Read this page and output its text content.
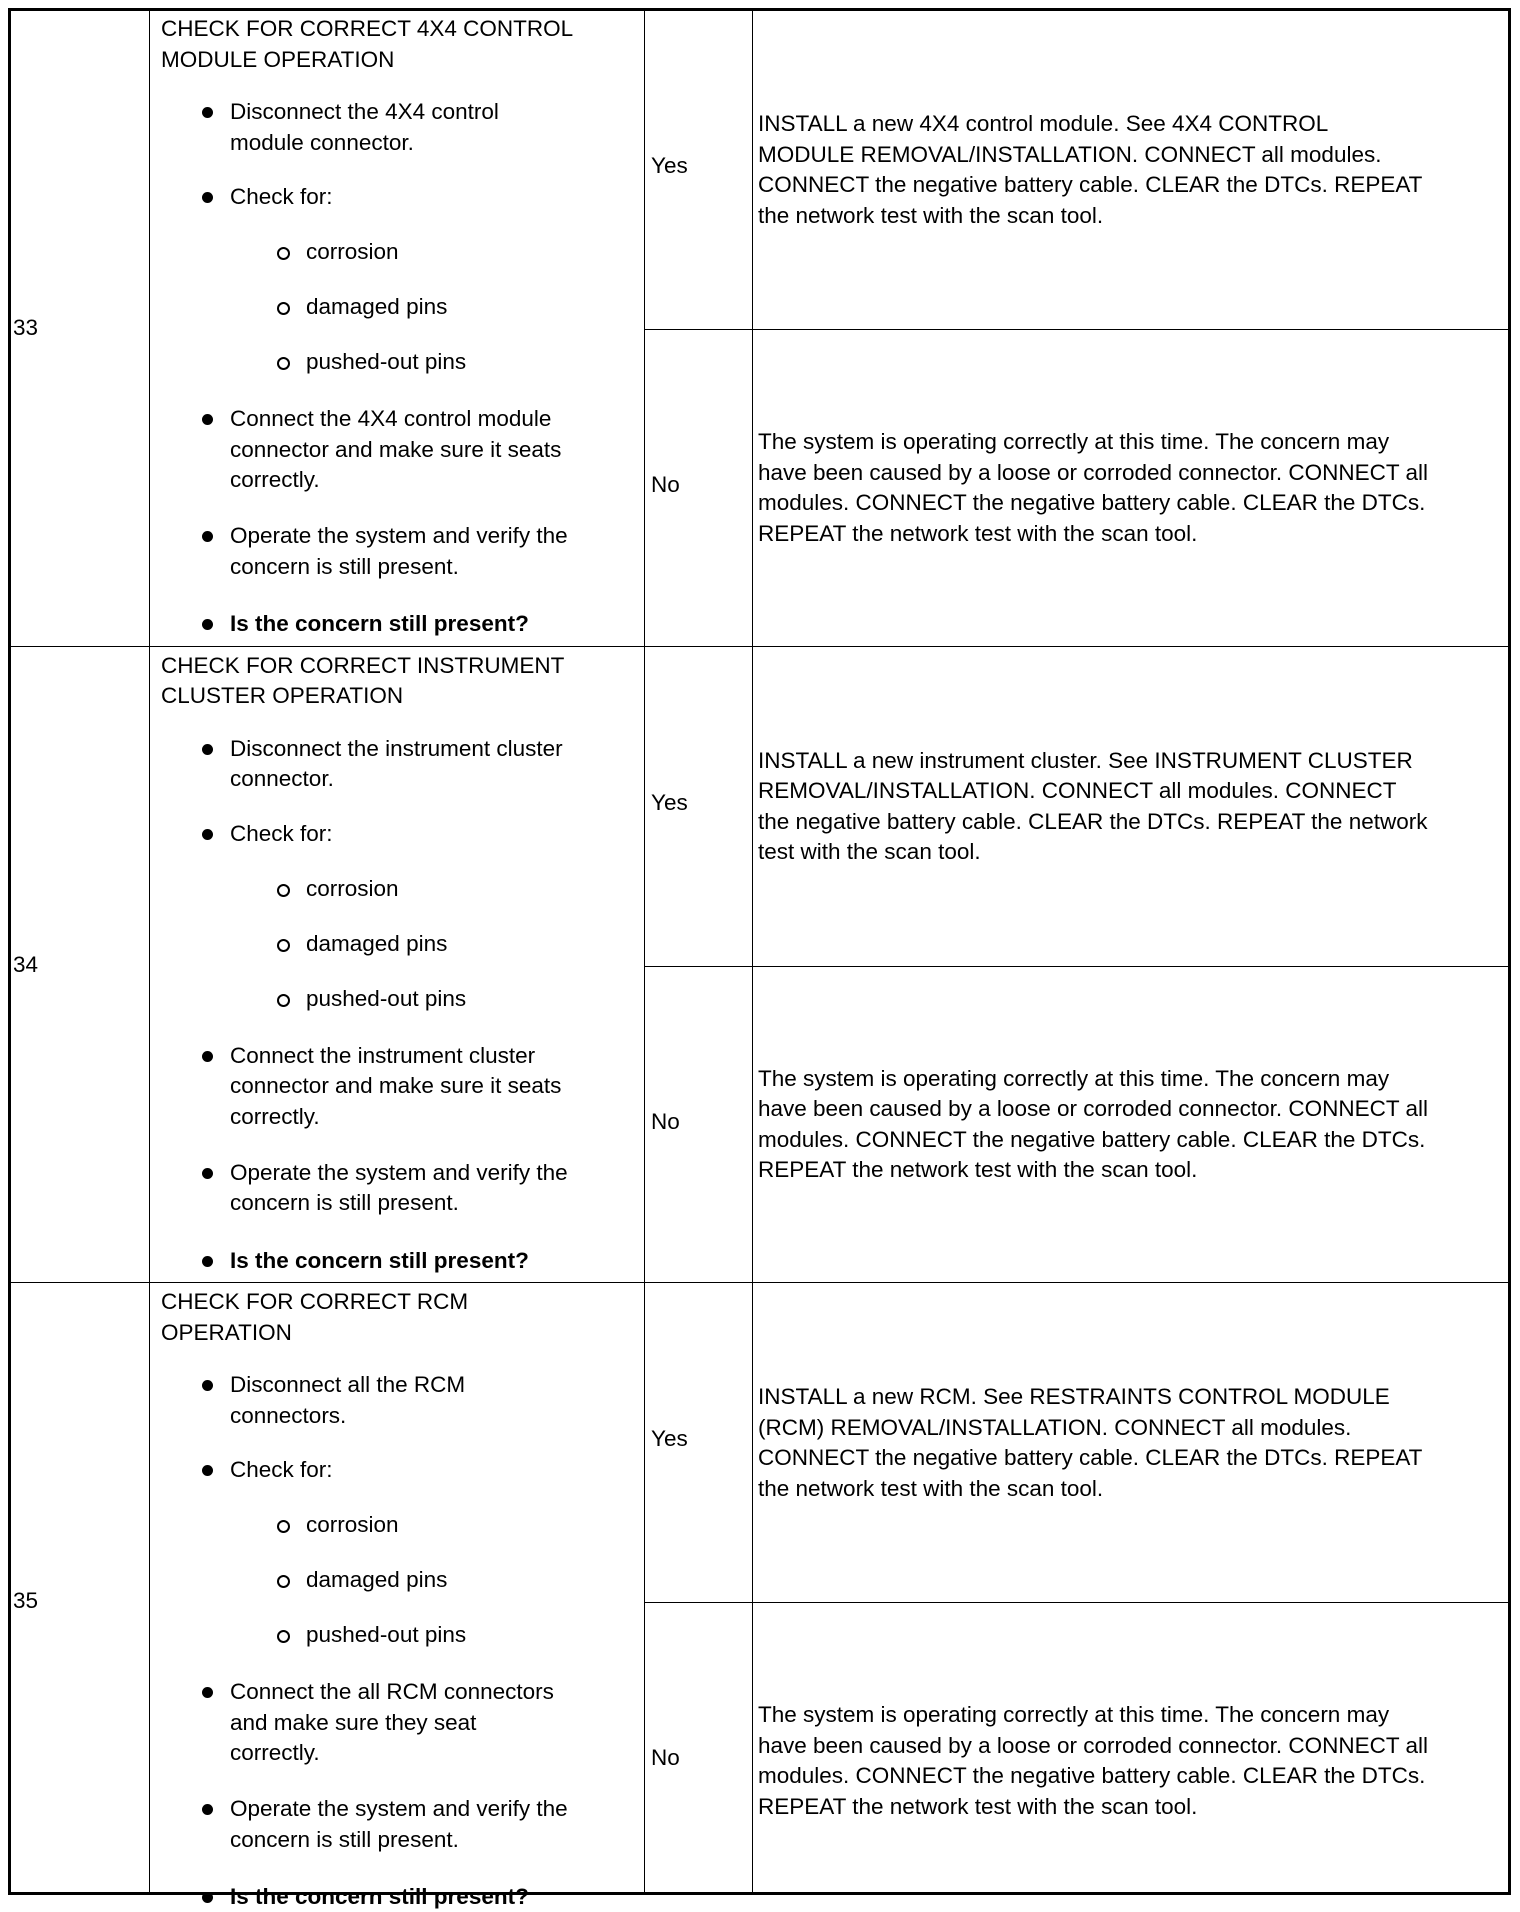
33
CHECK FOR CORRECT 4X4 CONTROL
MODULE OPERATION
Disconnect the 4X4 control
module connector.
Check for:
Connect the 4X4 control module
connector and make sure it seats
correctly.
Operate the system and verify the
concern is still present.
corrosion
damaged pins
pushed-out pins
Is the concern still present?
Yes
INSTALL a new 4X4 control module. See 4X4 CONTROL
MODULE REMOVAL/INSTALLATION. CONNECT all modules.
CONNECT the negative battery cable. CLEAR the DTCs. REPEAT
the network test with the scan tool.
No
The system is operating correctly at this time. The concern may
have been caused by a loose or corroded connector. CONNECT all
modules. CONNECT the negative battery cable. CLEAR the DTCs.
REPEAT the network test with the scan tool.
34
CHECK FOR CORRECT INSTRUMENT
CLUSTER OPERATION
Disconnect the instrument cluster
connector.
Check for:
Connect the instrument cluster
connector and make sure it seats
correctly.
Operate the system and verify the
concern is still present.
corrosion
damaged pins
pushed-out pins
Is the concern still present?
Yes
INSTALL a new instrument cluster. See INSTRUMENT CLUSTER
REMOVAL/INSTALLATION. CONNECT all modules. CONNECT
the negative battery cable. CLEAR the DTCs. REPEAT the network
test with the scan tool.
No
The system is operating correctly at this time. The concern may
have been caused by a loose or corroded connector. CONNECT all
modules. CONNECT the negative battery cable. CLEAR the DTCs.
REPEAT the network test with the scan tool.
35
CHECK FOR CORRECT RCM
OPERATION
Disconnect all the RCM
connectors.
Check for:
Connect the all RCM connectors
and make sure they seat
correctly.
Operate the system and verify the
concern is still present.
corrosion
damaged pins
pushed-out pins
Is the concern still present?
Yes
INSTALL a new RCM. See RESTRAINTS CONTROL MODULE
(RCM) REMOVAL/INSTALLATION. CONNECT all modules.
CONNECT the negative battery cable. CLEAR the DTCs. REPEAT
the network test with the scan tool.
No
The system is operating correctly at this time. The concern may
have been caused by a loose or corroded connector. CONNECT all
modules. CONNECT the negative battery cable. CLEAR the DTCs.
REPEAT the network test with the scan tool.
